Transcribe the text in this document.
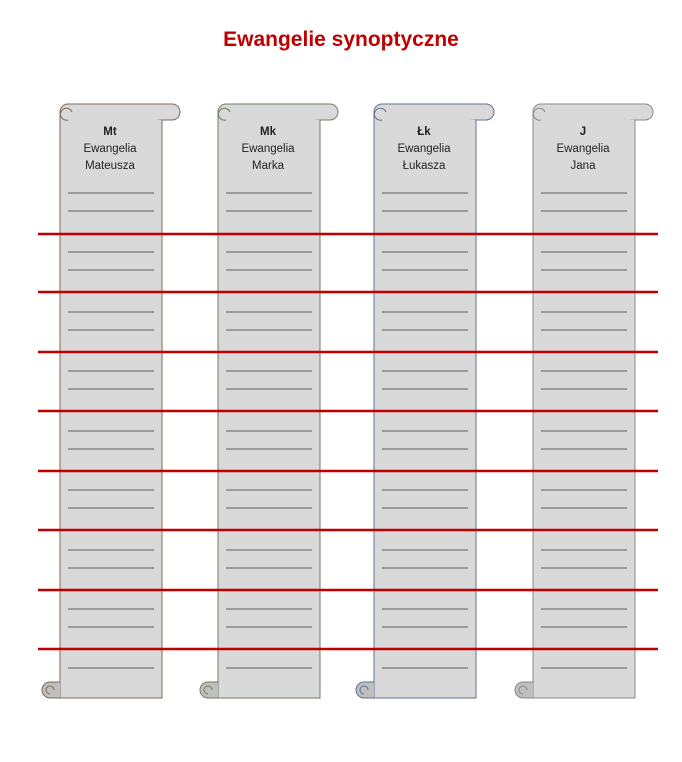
Ewangelie synoptyczne
Mt
Ewangelia
Mateusza
Mk
Ewangelia
Marka
Łk
Ewangelia
Łukasza
J
Ewangelia
Jana
